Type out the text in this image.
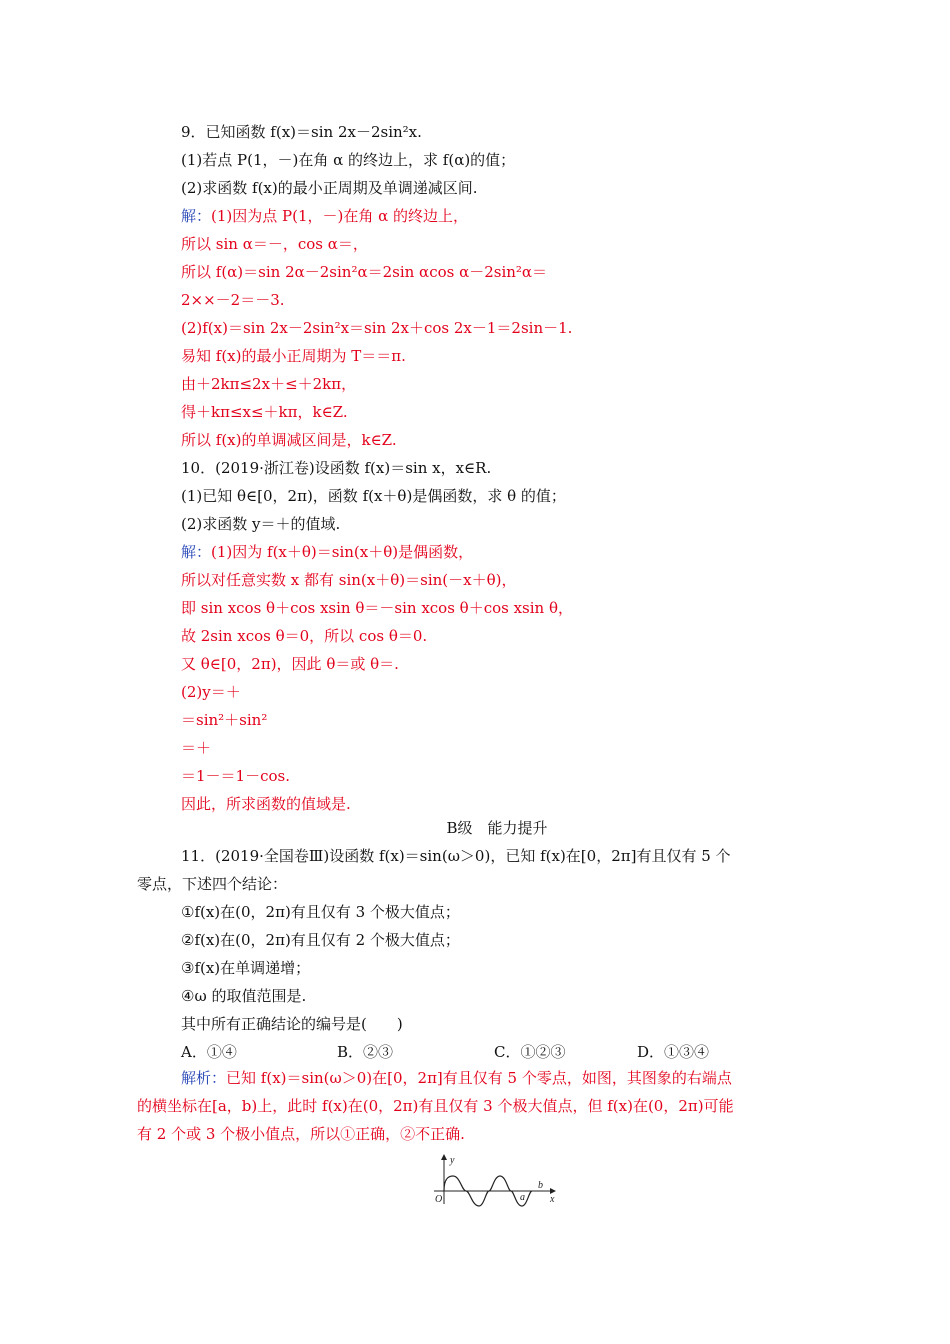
9．已知函数 f(x)＝sin 2x－2sin²x.
(1)若点 P(1，－)在角 α 的终边上，求 f(α)的值；
(2)求函数 f(x)的最小正周期及单调递减区间.
解：(1)因为点 P(1，－)在角 α 的终边上，
所以 sin α＝－，cos α＝，
所以 f(α)＝sin 2α－2sin²α＝2sin αcos α－2sin²α＝
2××－2＝－3.
(2)f(x)＝sin 2x－2sin²x＝sin 2x＋cos 2x－1＝2sin－1.
易知 f(x)的最小正周期为 T＝＝π.
由＋2kπ≤2x＋≤＋2kπ，
得＋kπ≤x≤＋kπ，k∈Z.
所以 f(x)的单调减区间是，k∈Z.
10．(2019·浙江卷)设函数 f(x)＝sin x，x∈R.
(1)已知 θ∈[0，2π)，函数 f(x＋θ)是偶函数，求 θ 的值；
(2)求函数 y＝＋的值域.
解：(1)因为 f(x＋θ)＝sin(x＋θ)是偶函数，
所以对任意实数 x 都有 sin(x＋θ)＝sin(－x＋θ)，
即 sin xcos θ＋cos xsin θ＝－sin xcos θ＋cos xsin θ，
故 2sin xcos θ＝0，所以 cos θ＝0.
又 θ∈[0，2π)，因此 θ＝或 θ＝.
(2)y＝＋
＝sin²＋sin²
＝＋
＝1－＝1－cos.
因此，所求函数的值域是.
B级　能力提升
11．(2019·全国卷Ⅲ)设函数 f(x)＝sin(ω＞0)，已知 f(x)在[0，2π]有且仅有 5 个
零点，下述四个结论：
①f(x)在(0，2π)有且仅有 3 个极大值点；
②f(x)在(0，2π)有且仅有 2 个极大值点；
③f(x)在单调递增；
④ω 的取值范围是.
其中所有正确结论的编号是(　　)
A．①④	B．②③	C．①②③	D．①③④
解析：已知 f(x)＝sin(ω＞0)在[0，2π]有且仅有 5 个零点，如图，其图象的右端点
的横坐标在[a，b)上，此时 f(x)在(0，2π)有且仅有 3 个极大值点，但 f(x)在(0，2π)可能
有 2 个或 3 个极小值点，所以①正确，②不正确.
y
x
O	a
b
